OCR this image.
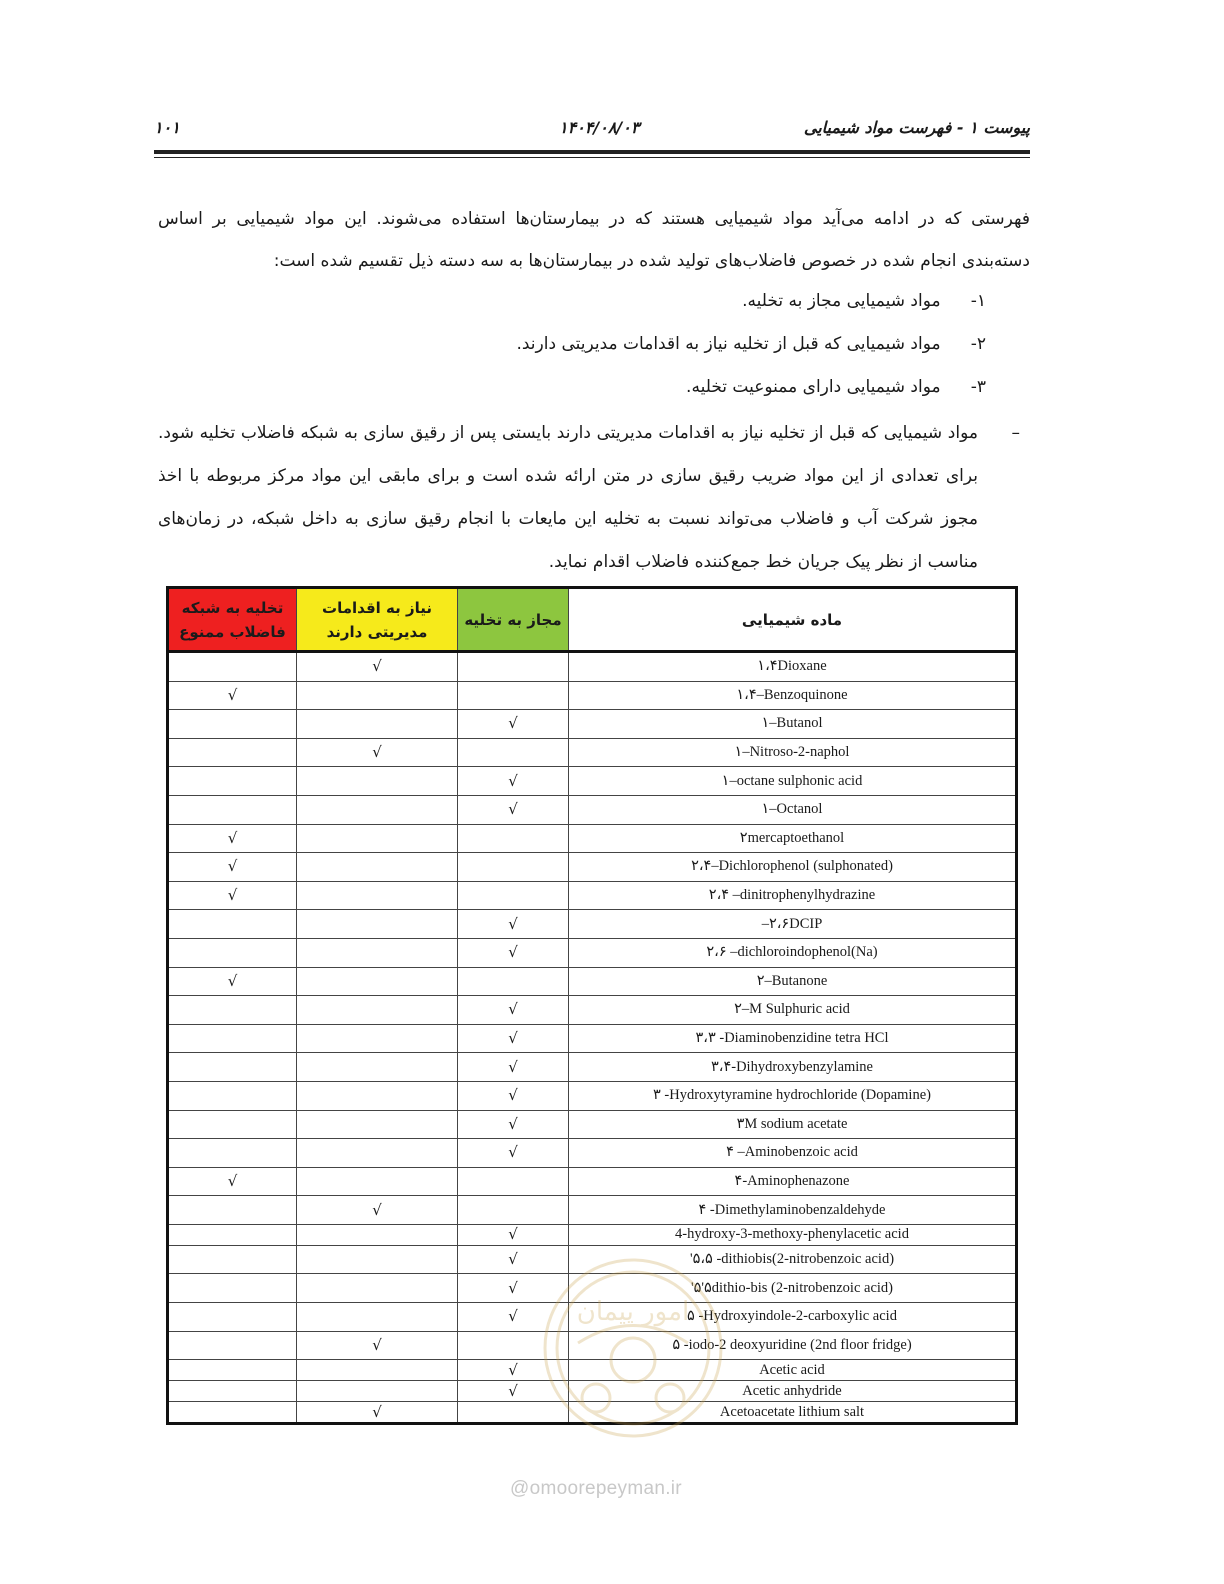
پیوست ۱ - فهرست مواد شیمیایی
۱۴۰۴/۰۸/۰۳
۱۰۱

فهرستی که در ادامه می‌آید مواد شیمیایی هستند که در بیمارستان‌ها استفاده می‌شوند. این مواد شیمیایی بر اساس دسته‌بندی انجام شده در خصوص فاضلاب‌های تولید شده در بیمارستان‌ها به سه دسته ذیل تقسیم شده است:

۱- مواد شیمیایی مجاز به تخلیه.
۲- مواد شیمیایی که قبل از تخلیه نیاز به اقدامات مدیریتی دارند.
۳- مواد شیمیایی دارای ممنوعیت تخلیه.
–
مواد شیمیایی که قبل از تخلیه نیاز به اقدامات مدیریتی دارند بایستی پس از رقیق سازی به شبکه فاضلاب تخلیه شود. برای تعدادی از این مواد ضریب رقیق سازی در متن ارائه شده است و برای مابقی این مواد مرکز مربوطه با اخذ مجوز شرکت آب و فاضلاب می‌تواند نسبت به تخلیه این مایعات با انجام رقیق سازی به داخل شبکه، در زمان‌های مناسب از نظر پیک جریان خط جمع‌کننده فاضلاب اقدام نماید.
تخلیه به شبکه
فاضلاب ممنوع	نیاز به اقدامات
مدیریتی دارند	مجاز به تخلیه	ماده شیمیایی
	√		۱،۴Dioxane
√			۱،۴–Benzoquinone
		√	۱–Butanol
	√		۱–Nitroso-2-naphol
		√	۱–octane sulphonic acid
		√	۱–Octanol
√			۲mercaptoethanol
√			۲،۴–Dichlorophenol (sulphonated)
√			۲،۴ –dinitrophenylhydrazine
		√	–۲،۶DCIP
		√	۲،۶ –dichloroindophenol(Na)
√			۲–Butanone
		√	۲–M Sulphuric acid
		√	۳،۳ -Diaminobenzidine tetra HCl
		√	۳،۴-Dihydroxybenzylamine
		√	۳ -Hydroxytyramine hydrochloride (Dopamine)
		√	۳M sodium acetate
		√	۴ –Aminobenzoic acid
√			۴-Aminophenazone
	√		۴ -Dimethylaminobenzaldehyde
		√	4-hydroxy-3-methoxy-phenylacetic acid
		√	'۵،۵ -dithiobis(2-nitrobenzoic acid)
		√	'۵'۵dithio-bis (2-nitrobenzoic acid)
		√	۵ -Hydroxyindole-2-carboxylic acid
	√		۵ -iodo-2 deoxyuridine (2nd floor fridge)
		√	Acetic acid
		√	Acetic anhydride
	√		Acetoacetate lithium salt
امور پیمان
@omoorepeyman.ir
